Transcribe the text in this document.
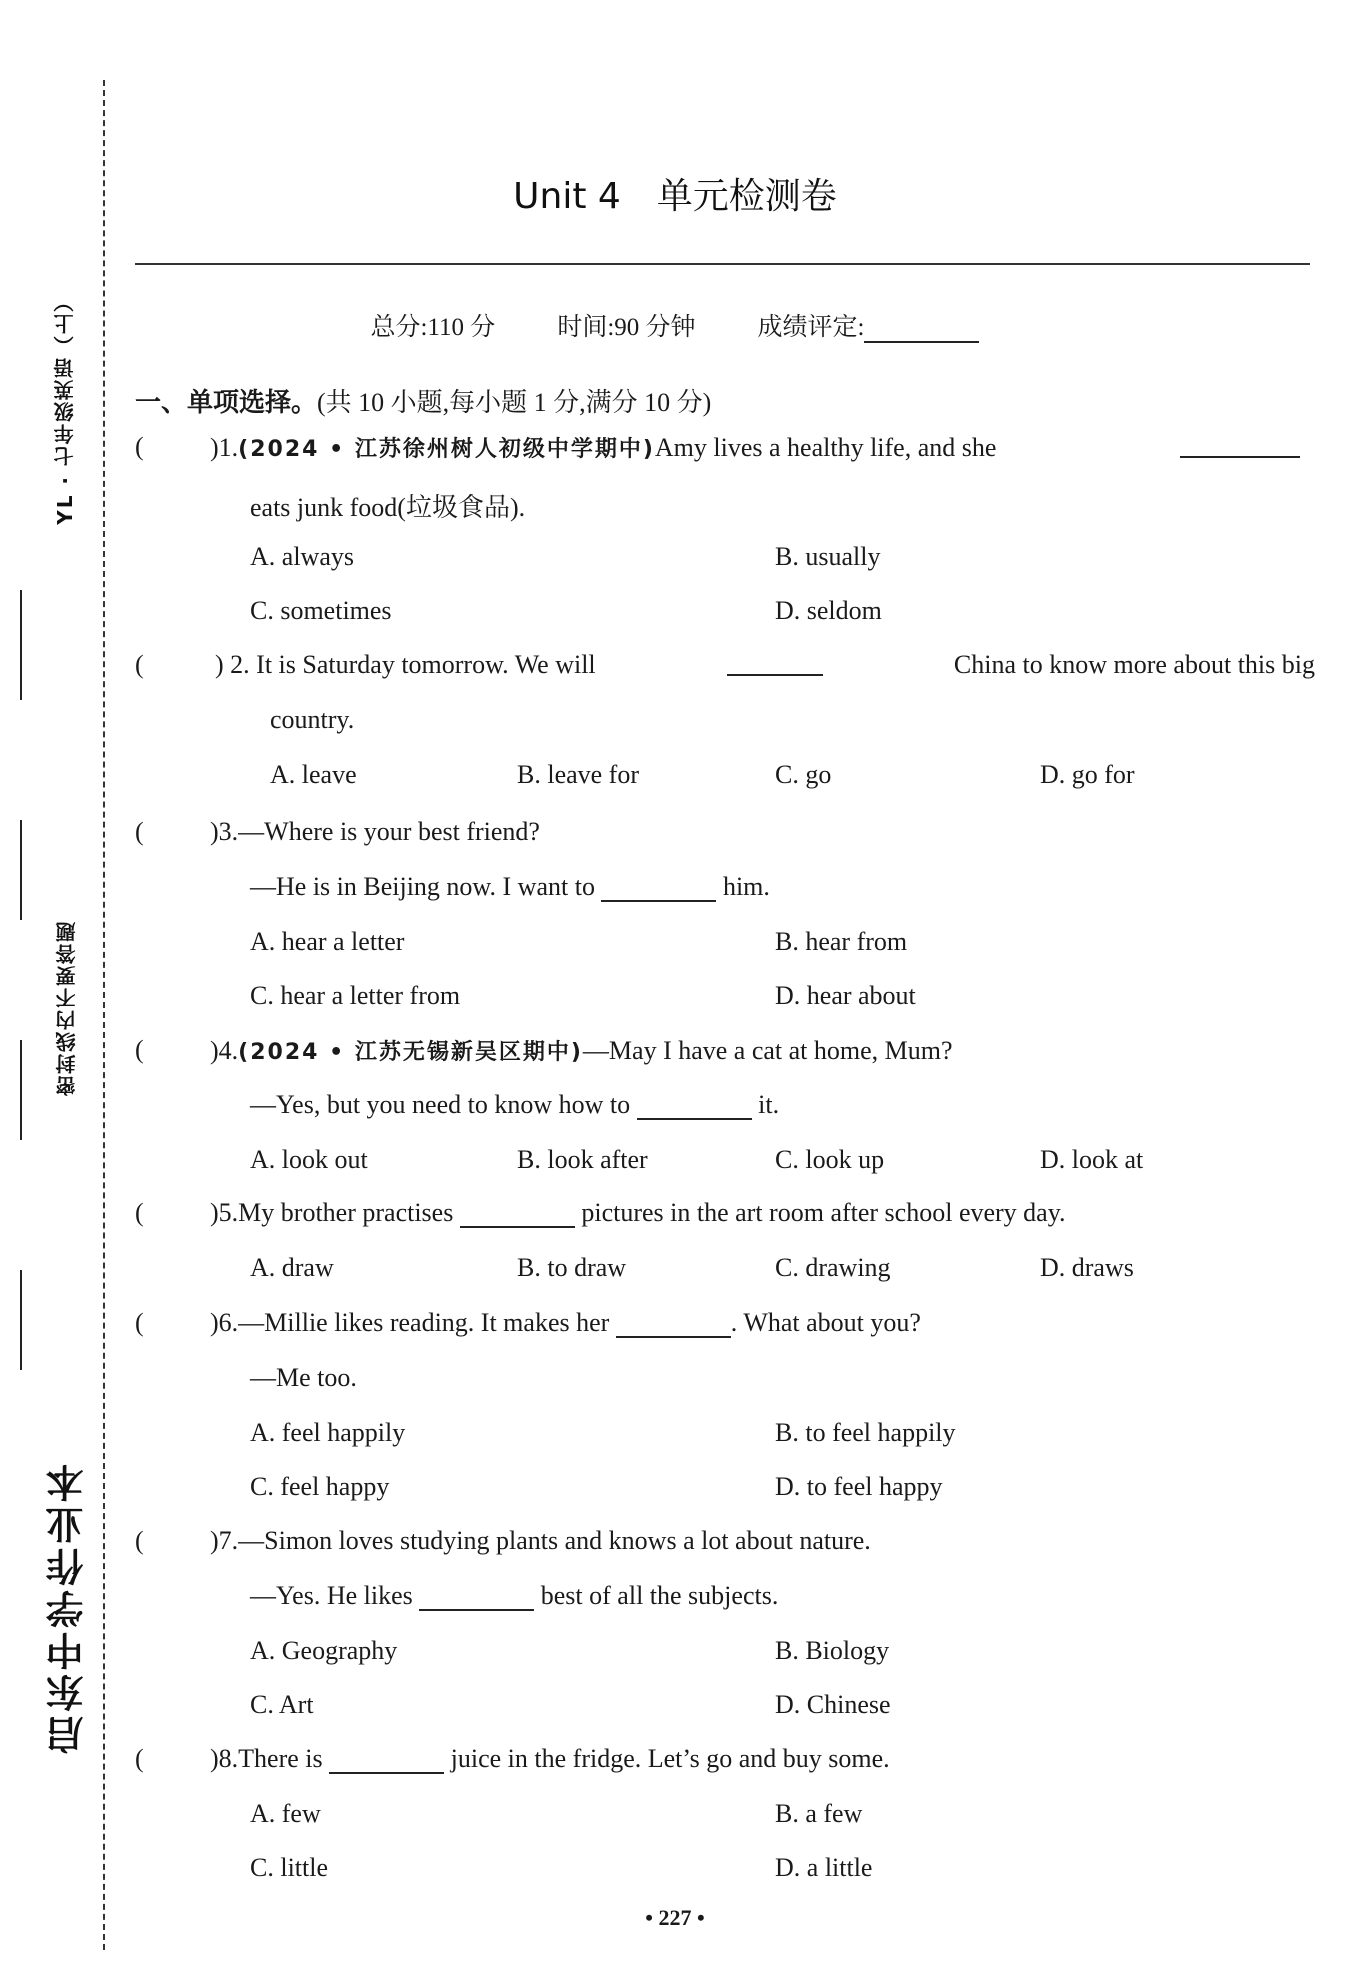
YL · 七年级英语（上）
密封线内不要答题
启东中学作业本
Unit 4　单元检测卷
总分:110 分 时间:90 分钟 成绩评定:
一、单项选择。(共 10 小题,每小题 1 分,满分 10 分)
(	)1.(2024 • 江苏徐州树人初级中学期中)Amy lives a healthy life, and she
eats junk food(垃圾食品).
A. always	B. usually
C. sometimes	D. seldom
(	) 2. It is Saturday tomorrow. We will	China to know more about this big
country.
A. leave	B. leave for	C. go	D. go for
(	)3.—Where is your best friend?
—He is in Beijing now. I want to	him.
A. hear a letter	B. hear from
C. hear a letter from	D. hear about
(	)4.(2024 • 江苏无锡新吴区期中)—May I have a cat at home, Mum?
—Yes, but you need to know how to	it.
A. look out	B. look after	C. look up	D. look at
(	)5.My brother practises	pictures in the art room after school every day.
A. draw	B. to draw	C. drawing	D. draws
(	)6.—Millie likes reading. It makes her	. What about you?
—Me too.
A. feel happily	B. to feel happily
C. feel happy	D. to feel happy
(	)7.—Simon loves studying plants and knows a lot about nature.
—Yes. He likes	best of all the subjects.
A. Geography	B. Biology
C. Art	D. Chinese
(	)8.There is	juice in the fridge. Let’s go and buy some.
A. few	B. a few
C. little	D. a little
• 227 •
